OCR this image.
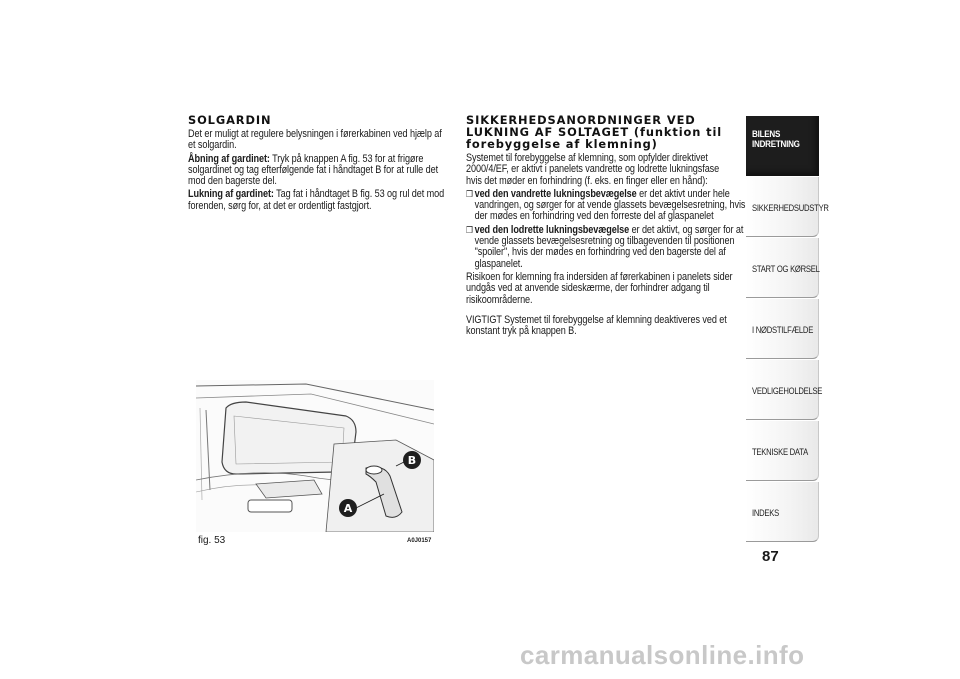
SOLGARDIN
Det er muligt at regulere belysningen i førerkabinen ved hjælp af et solgardin.
Åbning af gardinet: Tryk på knappen A fig. 53 for at frigøre solgardinet og tag efterfølgende fat i håndtaget B for at rulle det mod den bagerste del.
Lukning af gardinet: Tag fat i håndtaget B fig. 53 og rul det mod forenden, sørg for, at det er ordentligt fastgjort.
SIKKERHEDSANORDNINGER VED
LUKNING AF SOLTAGET (funktion til
forebyggelse af klemning)
Systemet til forebyggelse af klemning, som opfylder direktivet 2000/4/EF, er aktivt i panelets vandrette og lodrette lukningsfase hvis det møder en forhindring (f. eks. en finger eller en hånd):
❒ ved den vandrette lukningsbevægelse er det aktivt under hele vandringen, og sørger for at vende glassets bevægelsesretning, hvis der mødes en forhindring ved den forreste del af glaspanelet
❒ ved den lodrette lukningsbevægelse er det aktivt, og sørger for at vende glassets bevægelsesretning og tilbagevenden til positionen "spoiler", hvis der mødes en forhindring ved den bagerste del af glaspanelet.
Risikoen for klemning fra indersiden af førerkabinen i panelets sider undgås ved at anvende sideskærme, der forhindrer adgang til risikoområderne.
VIGTIGT Systemet til forebyggelse af klemning deaktiveres ved et konstant tryk på knappen B.
B
A
fig. 53	A0J0157
BILENS
INDRETNING
SIKKERHEDSUDSTYR
START OG KØRSEL
I NØDSTILFÆLDE
VEDLIGEHOLDELSE
TEKNISKE DATA
INDEKS
87
carmanualsonline.info
